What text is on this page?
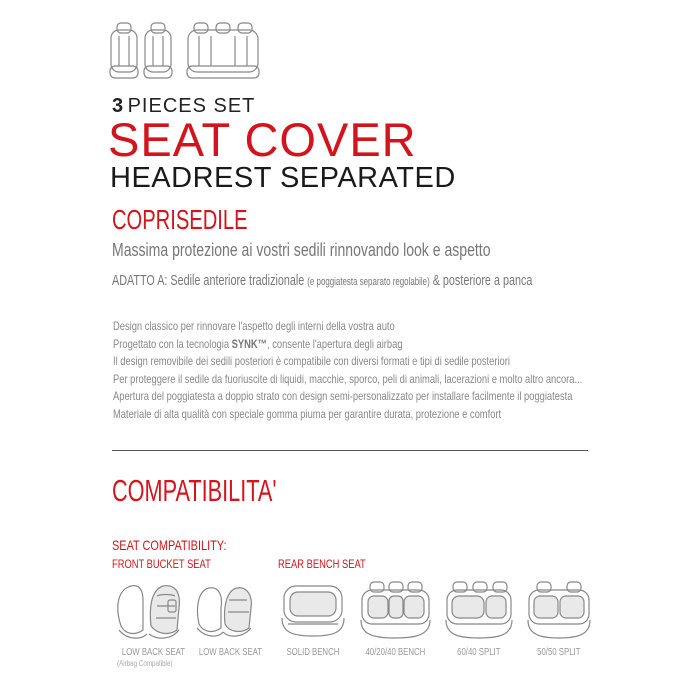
3 PIECES SET
SEAT COVER
HEADREST SEPARATED
COPRISEDILE
Massima protezione ai vostri sedili rinnovando look e aspetto
ADATTO A: Sedile anteriore tradizionale (e poggiatesta separato regolabile) & posteriore a panca
Design classico per rinnovare l'aspetto degli interni della vostra auto
Progettato con la tecnologia SYNK™, consente l'apertura degli airbag
Il design removibile dei sedili posteriori è compatibile con diversi formati e tipi di sedile posteriori
Per proteggere il sedile da fuoriuscite di liquidi, macchie, sporco, peli di animali, lacerazioni e molto altro ancora...
Apertura del poggiatesta a doppio strato con design semi-personalizzato per installare facilmente il poggiatesta
Materiale di alta qualità con speciale gomma piuma per garantire durata, protezione e comfort
COMPATIBILITA'
SEAT COMPATIBILITY:
FRONT BUCKET SEAT	REAR BENCH SEAT
LOW BACK SEAT
(Airbag Compatible)
LOW BACK SEAT	SOLID BENCH	40/20/40 BENCH	60/40 SPLIT	50/50 SPLIT
